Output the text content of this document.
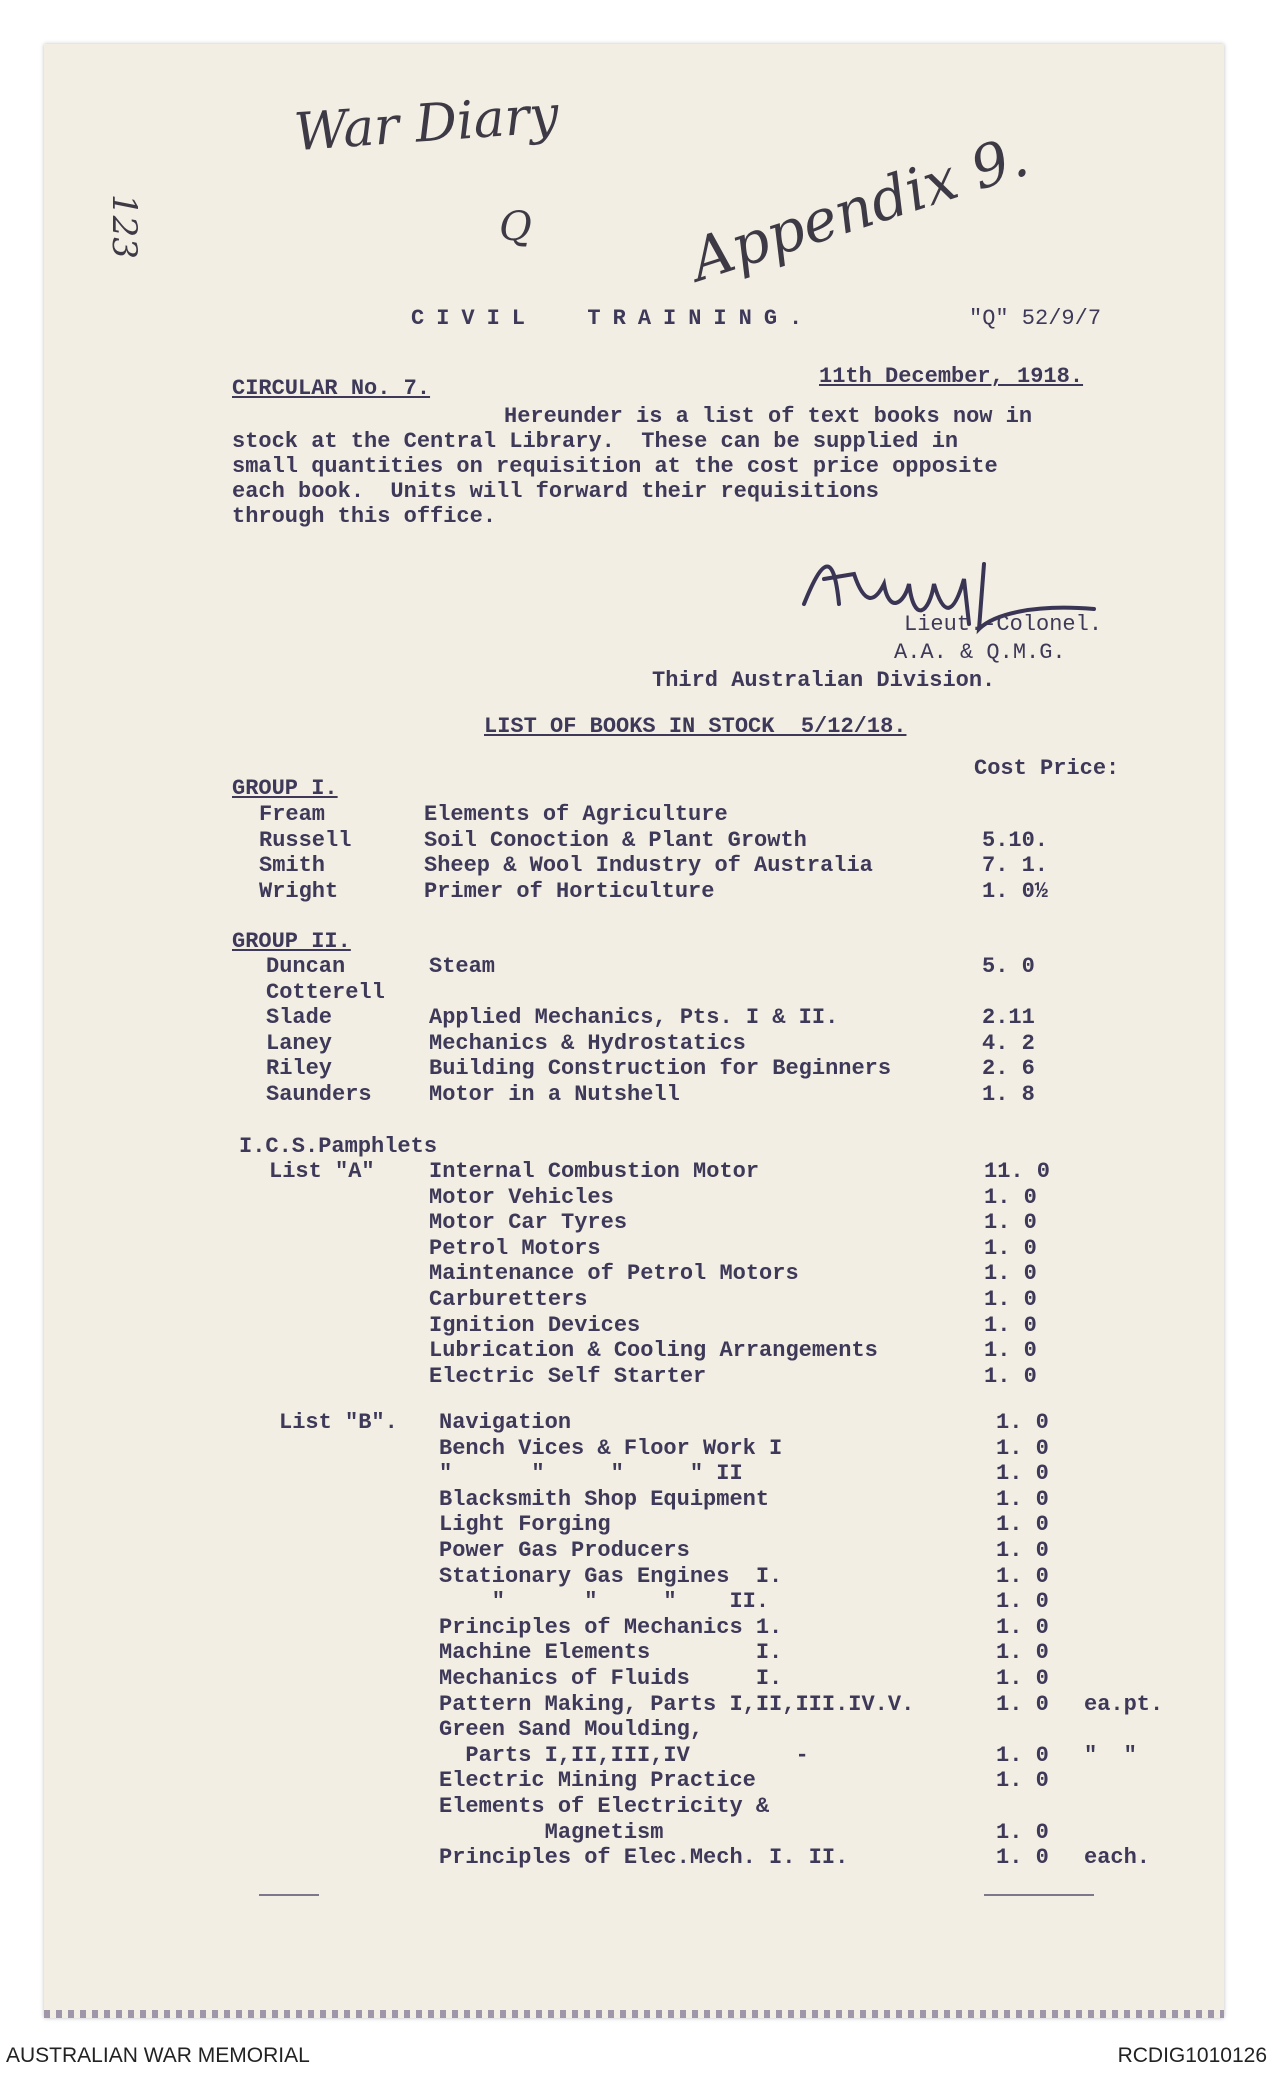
War Diary Appendix 9.
123	Q
CIVIL  TRAINING.	"Q" 52/9/7
CIRCULAR No. 7.	11th December, 1918.
Hereunder is a list of text books now in
stock at the Central Library.  These can be supplied in
small quantities on requisition at the cost price opposite
each book.  Units will forward their requisitions
through this office.
Lieut.-Colonel.
A.A. & Q.M.G.
Third Australian Division.
LIST OF BOOKS IN STOCK  5/12/18.
Cost Price:
GROUP I.
Fream	Elements of Agriculture
Russell	Soil Conoction & Plant Growth	5.10.
Smith	Sheep & Wool Industry of Australia	7. 1.
Wright	Primer of Horticulture	1. 0½
GROUP II.
Duncan	Steam	5. 0
Cotterell
Slade	Applied Mechanics, Pts. I & II.	2.11
Laney	Mechanics & Hydrostatics	4. 2
Riley	Building Construction for Beginners	2. 6
Saunders	Motor in a Nutshell	1. 8
I.C.S.Pamphlets
List "A" Internal Combustion Motor	11. 0
Motor Vehicles	1. 0
Motor Car Tyres	1. 0
Petrol Motors	1. 0
Maintenance of Petrol Motors	1. 0
Carburetters	1. 0
Ignition Devices	1. 0
Lubrication & Cooling Arrangements	1. 0
Electric Self Starter	1. 0
List "B". Navigation	1. 0
Bench Vices & Floor Work I	1. 0
"      "     "     " II	1. 0
Blacksmith Shop Equipment	1. 0
Light Forging	1. 0
Power Gas Producers	1. 0
Stationary Gas Engines  I.	1. 0
"      "     "    II.	1. 0
Principles of Mechanics 1.	1. 0
Machine Elements        I.	1. 0
Mechanics of Fluids     I.	1. 0
Pattern Making, Parts I,II,III.IV.V.	1. 0 ea.pt.
Green Sand Moulding,
Parts I,II,III,IV        -	1. 0 "  "
Electric Mining Practice	1. 0
Elements of Electricity &
Magnetism	1. 0
Principles of Elec.Mech. I. II.	1. 0 each.
AUSTRALIAN WAR MEMORIAL	RCDIG1010126
